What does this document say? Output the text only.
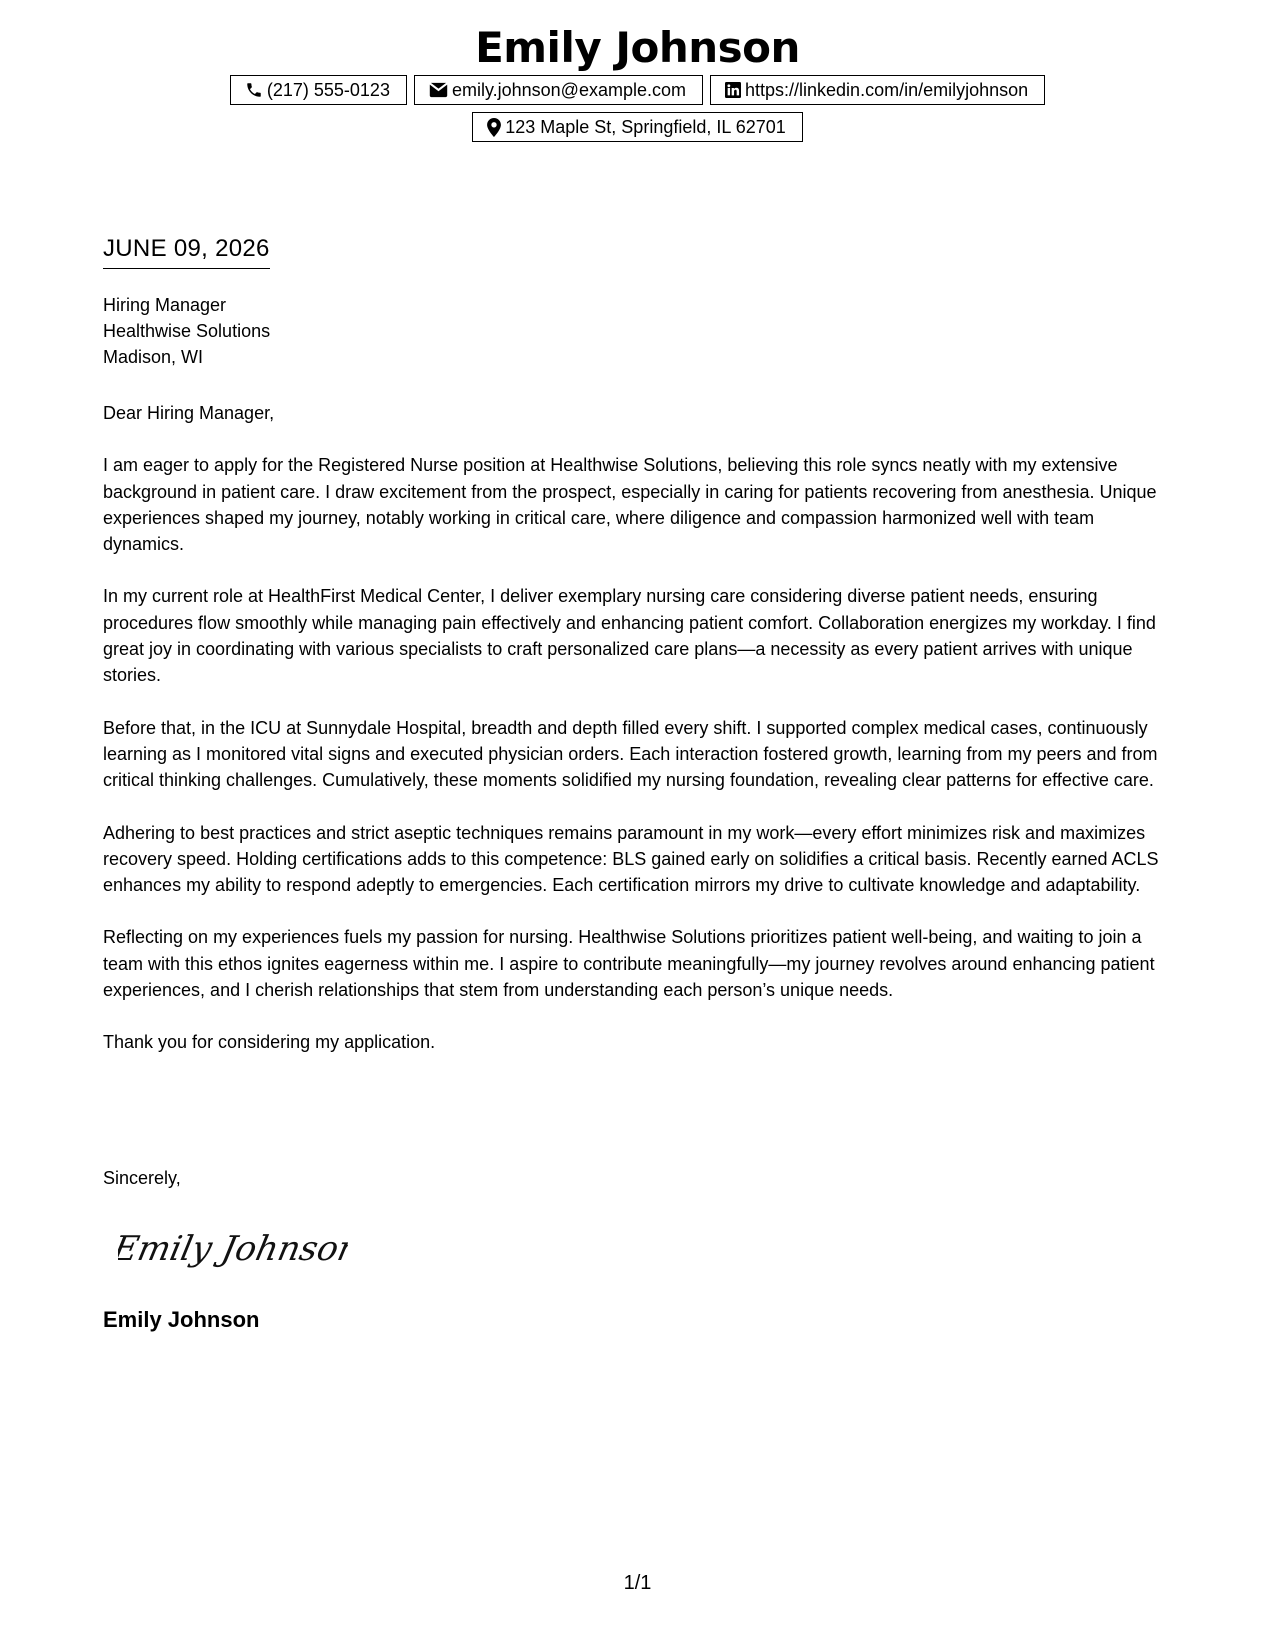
Emily Johnson
(217) 555-0123	emily.johnson@example.com	https://linkedin.com/in/emilyjohnson
123 Maple St, Springfield, IL 62701
JUNE 09, 2026
Hiring Manager
Healthwise Solutions
Madison, WI

Dear Hiring Manager,

I am eager to apply for the Registered Nurse position at Healthwise Solutions, believing this role syncs neatly with my extensive background in patient care. I draw excitement from the prospect, especially in caring for patients recovering from anesthesia. Unique experiences shaped my journey, notably working in critical care, where diligence and compassion harmonized well with team dynamics.

In my current role at HealthFirst Medical Center, I deliver exemplary nursing care considering diverse patient needs, ensuring procedures flow smoothly while managing pain effectively and enhancing patient comfort. Collaboration energizes my workday. I find great joy in coordinating with various specialists to craft personalized care plans—a necessity as every patient arrives with unique stories.

Before that, in the ICU at Sunnydale Hospital, breadth and depth filled every shift. I supported complex medical cases, continuously learning as I monitored vital signs and executed physician orders. Each interaction fostered growth, learning from my peers and from critical thinking challenges. Cumulatively, these moments solidified my nursing foundation, revealing clear patterns for effective care.

Adhering to best practices and strict aseptic techniques remains paramount in my work—every effort minimizes risk and maximizes recovery speed. Holding certifications adds to this competence: BLS gained early on solidifies a critical basis. Recently earned ACLS enhances my ability to respond adeptly to emergencies. Each certification mirrors my drive to cultivate knowledge and adaptability.

Reflecting on my experiences fuels my passion for nursing. Healthwise Solutions prioritizes patient well-being, and waiting to join a team with this ethos ignites eagerness within me. I aspire to contribute meaningfully—my journey revolves around enhancing patient experiences, and I cherish relationships that stem from understanding each person’s unique needs.

Thank you for considering my application.

Sincerely,
Emily Johnson
Emily Johnson
1/1
